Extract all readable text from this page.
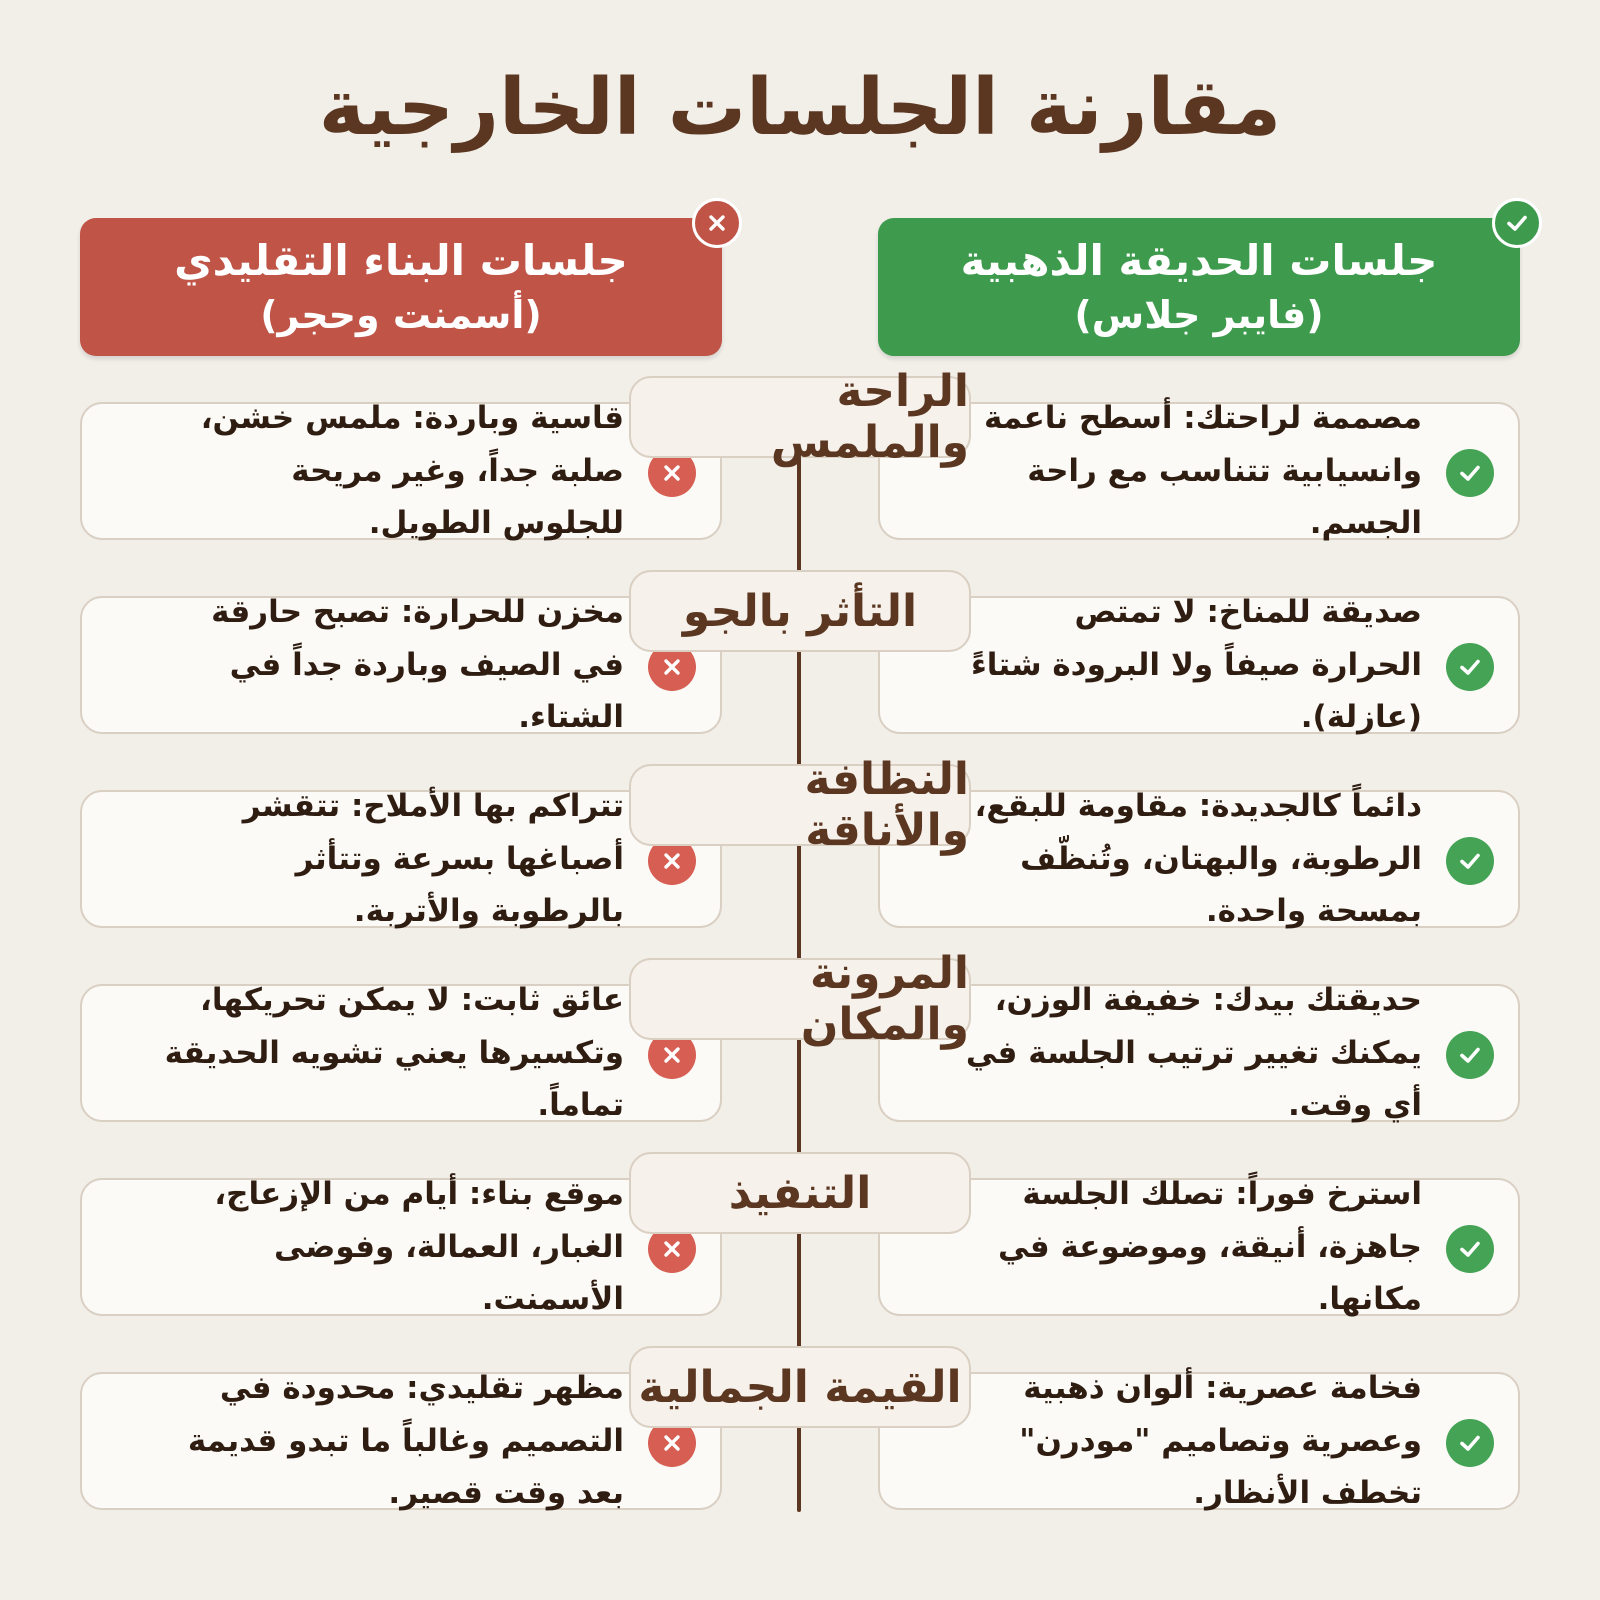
مقارنة الجلسات الخارجية
جلسات الحديقة الذهبية
(فايبر جلاس)
جلسات البناء التقليدي
(أسمنت وحجر)
مصممة لراحتك: أسطح ناعمة وانسيابية تتناسب مع راحة الجسم.
قاسية وباردة: ملمس خشن، صلبة جداً، وغير مريحة للجلوس الطويل.
الراحة والملمس
صديقة للمناخ: لا تمتص الحرارة صيفاً ولا البرودة شتاءً (عازلة).
مخزن للحرارة: تصبح حارقة في الصيف وباردة جداً في الشتاء.
التأثر بالجو
دائماً كالجديدة: مقاومة للبقع، الرطوبة، والبهتان، وتُنظّف بمسحة واحدة.
تتراكم بها الأملاح: تتقشر أصباغها بسرعة وتتأثر بالرطوبة والأتربة.
النظافة والأناقة
حديقتك بيدك: خفيفة الوزن، يمكنك تغيير ترتيب الجلسة في أي وقت.
عائق ثابت: لا يمكن تحريكها، وتكسيرها يعني تشويه الحديقة تماماً.
المرونة والمكان
استرخ فوراً: تصلك الجلسة جاهزة، أنيقة، وموضوعة في مكانها.
موقع بناء: أيام من الإزعاج، الغبار، العمالة، وفوضى الأسمنت.
التنفيذ
فخامة عصرية: ألوان ذهبية وعصرية وتصاميم "مودرن" تخطف الأنظار.
مظهر تقليدي: محدودة في التصميم وغالباً ما تبدو قديمة بعد وقت قصير.
القيمة الجمالية
